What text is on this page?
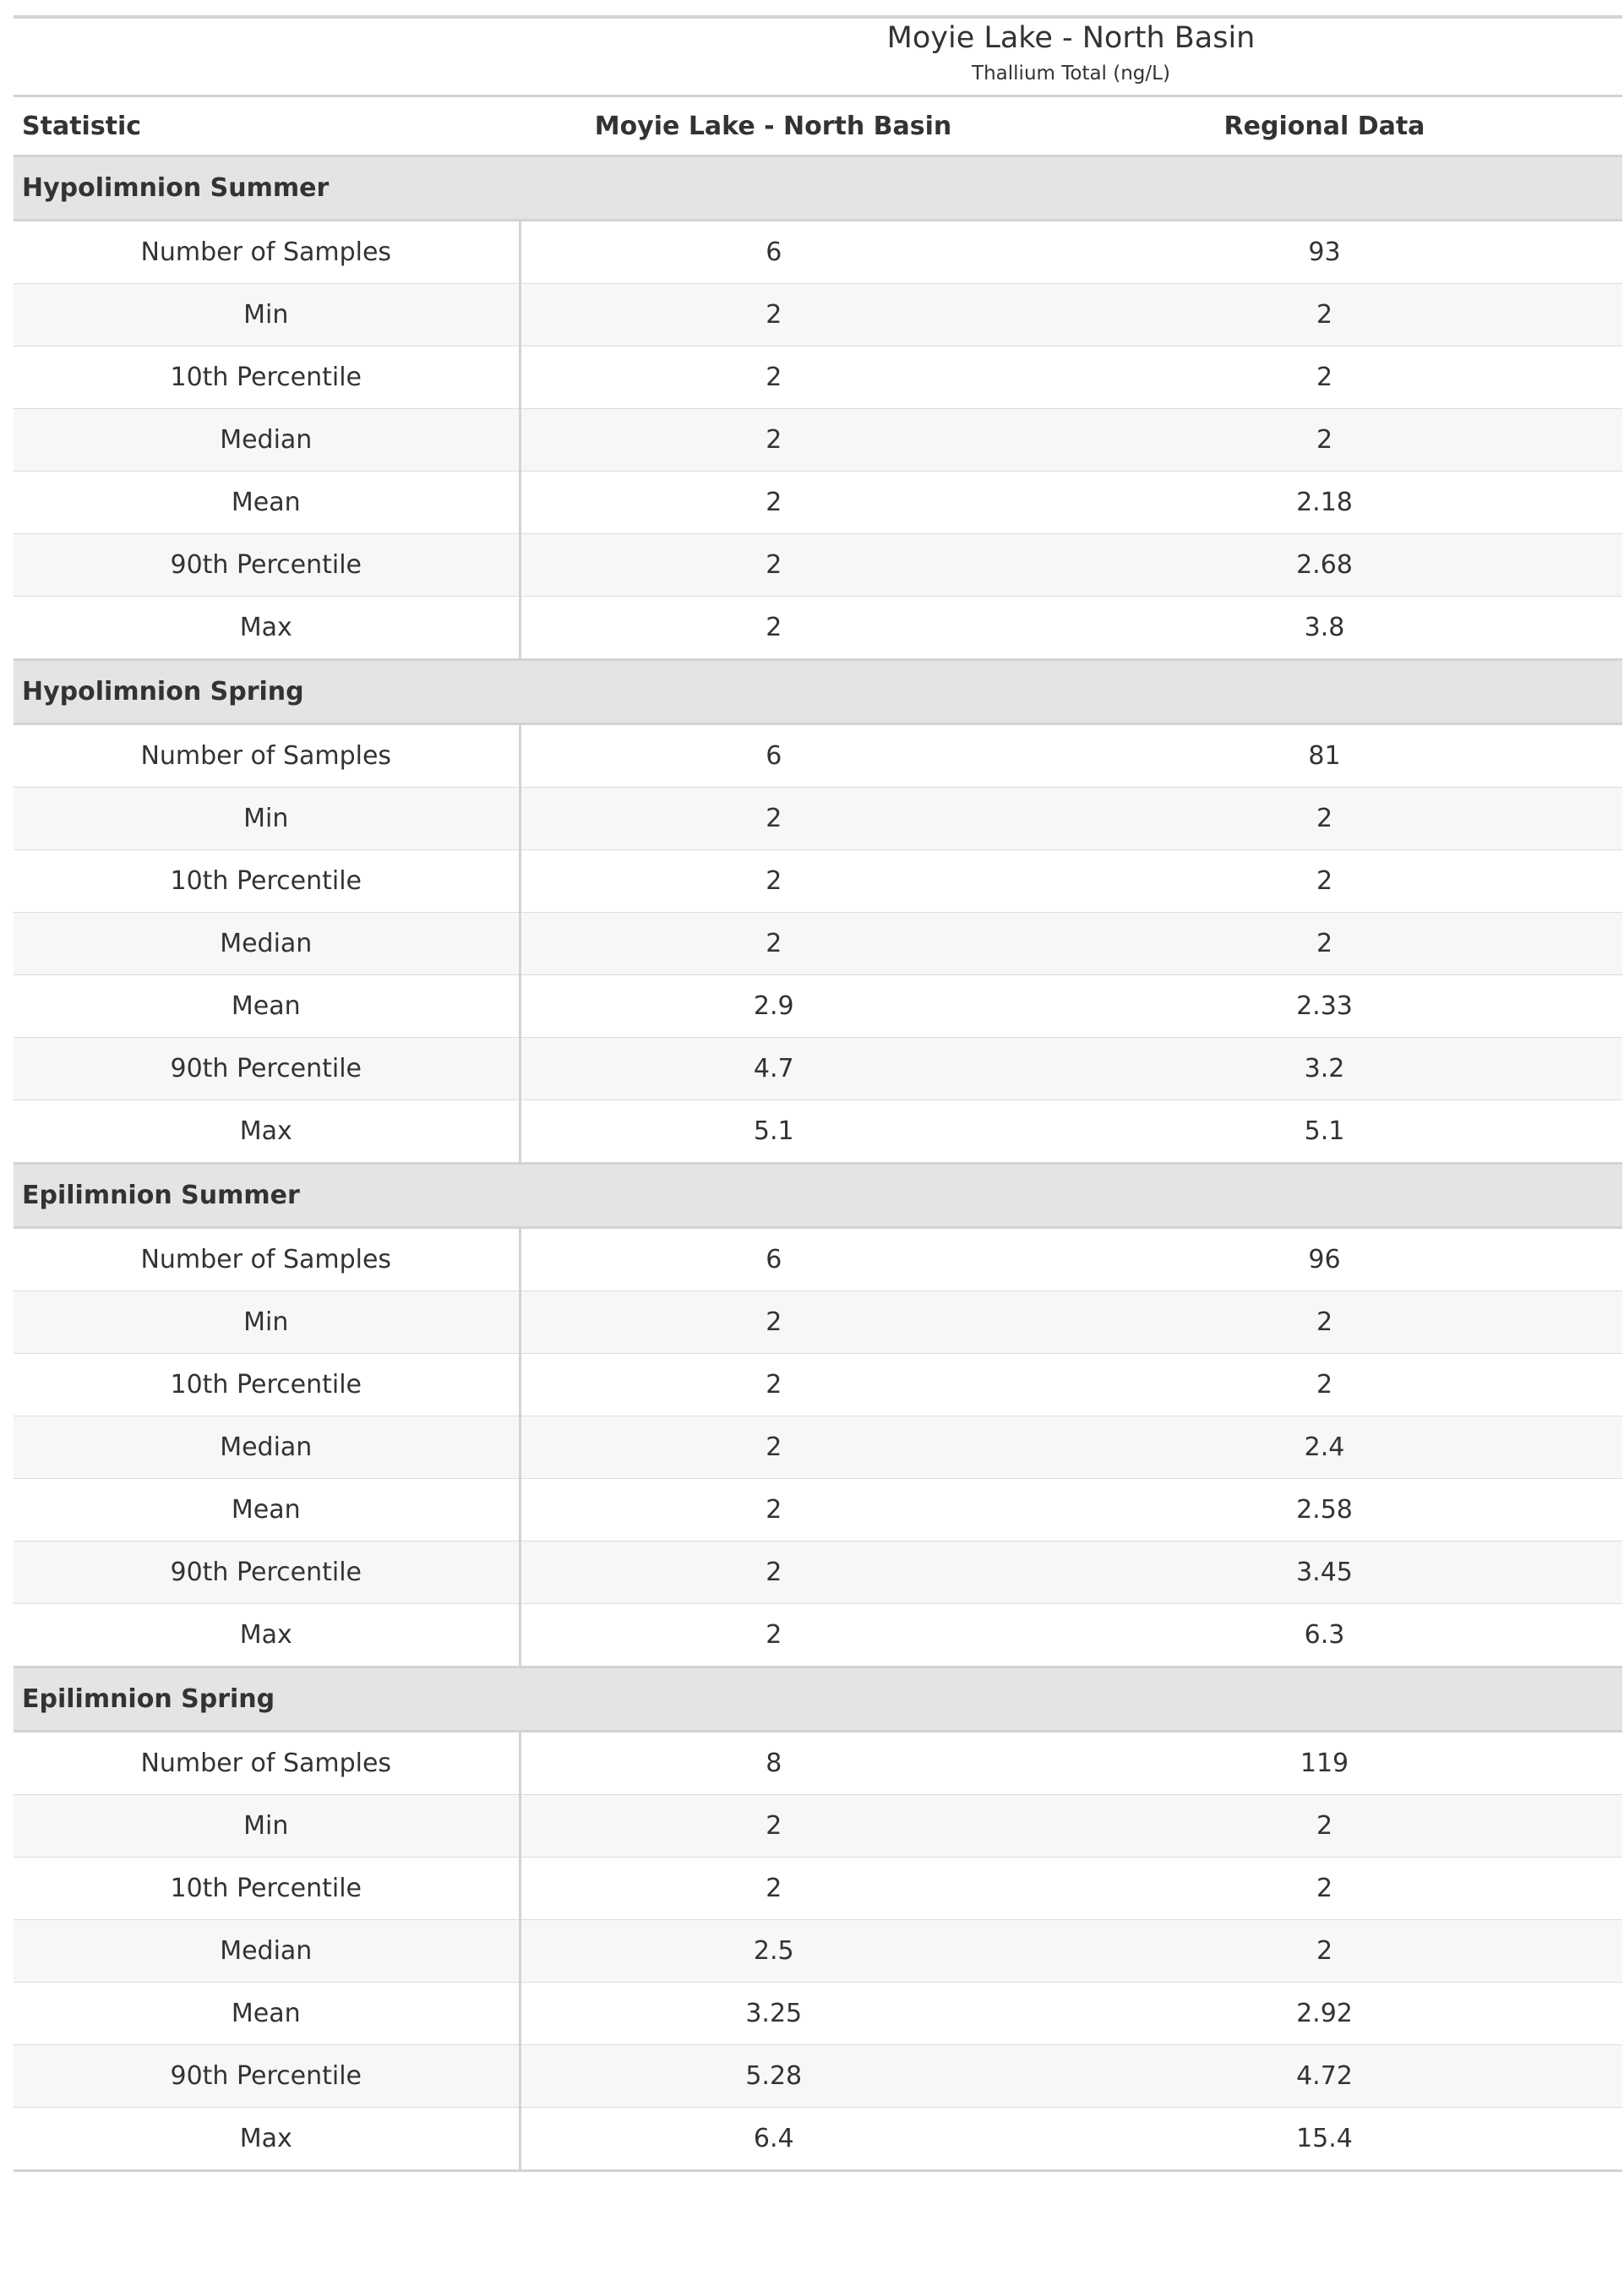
	Moyie Lake - North Basin
Thallium Total (ng/L)	

Statistic	Moyie Lake - North Basin	Regional Data
Hypolimnion Summer		
Number of Samples	6	93
Min	2	2
10th Percentile	2	2
Median	2	2
Mean	2	2.18
90th Percentile	2	2.68
Max	2	3.8
Hypolimnion Spring		
Number of Samples	6	81
Min	2	2
10th Percentile	2	2
Median	2	2
Mean	2.9	2.33
90th Percentile	4.7	3.2
Max	5.1	5.1
Epilimnion Summer		
Number of Samples	6	96
Min	2	2
10th Percentile	2	2
Median	2	2.4
Mean	2	2.58
90th Percentile	2	3.45
Max	2	6.3
Epilimnion Spring		
Number of Samples	8	119
Min	2	2
10th Percentile	2	2
Median	2.5	2
Mean	3.25	2.92
90th Percentile	5.28	4.72
Max	6.4	15.4
